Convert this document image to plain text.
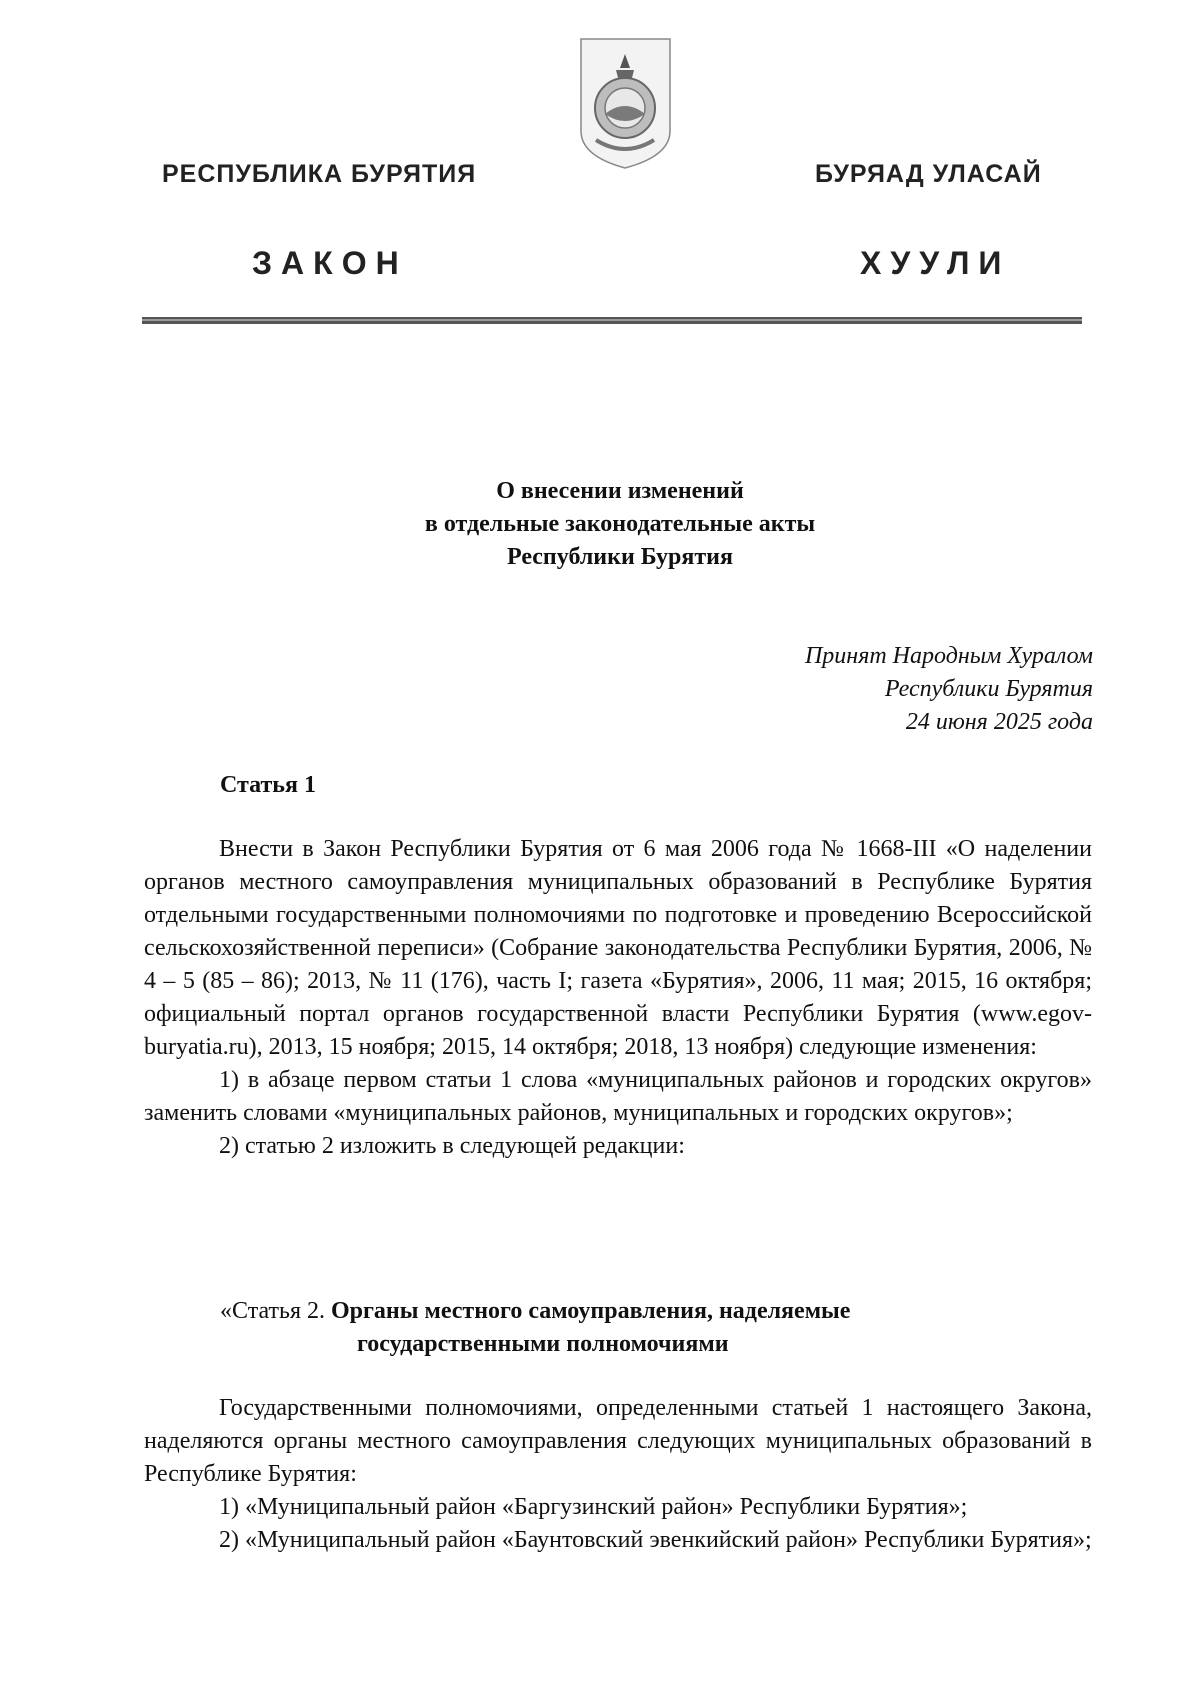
РЕСПУБЛИКА БУРЯТИЯ	БУРЯАД УЛАСАЙ
ЗАКОН	ХУУЛИ
О внесении изменений
в отдельные законодательные акты
Республики Бурятия
Принят Народным Хуралом
Республики Бурятия
24 июня 2025 года
Статья 1

Внести в Закон Республики Бурятия от 6 мая 2006 года № 1668-III «О наделении органов местного самоуправления муниципальных образований в Республике Бурятия отдельными государственными полномочиями по подготовке и проведению Всероссийской сельскохозяйственной переписи» (Собрание законодательства Республики Бурятия, 2006, № 4 – 5 (85 – 86); 2013, № 11 (176), часть I; газета «Бурятия», 2006, 11 мая; 2015, 16 октября; официальный портал органов государственной власти Республики Бурятия (www.egov-buryatia.ru), 2013, 15 ноября; 2015, 14 октября; 2018, 13 ноября) следующие изменения:

1) в абзаце первом статьи 1 слова «муниципальных районов и городских округов» заменить словами «муниципальных районов, муниципальных и городских округов»;

2) статью 2 изложить в следующей редакции:

«Статья 2. Органы местного самоуправления, наделяемые
государственными полномочиями

Государственными полномочиями, определенными статьей 1 настоящего Закона, наделяются органы местного самоуправления следующих муниципальных образований в Республике Бурятия:

1) «Муниципальный район «Баргузинский район» Республики Бурятия»;

2) «Муниципальный район «Баунтовский эвенкийский район» Республики Бурятия»;
